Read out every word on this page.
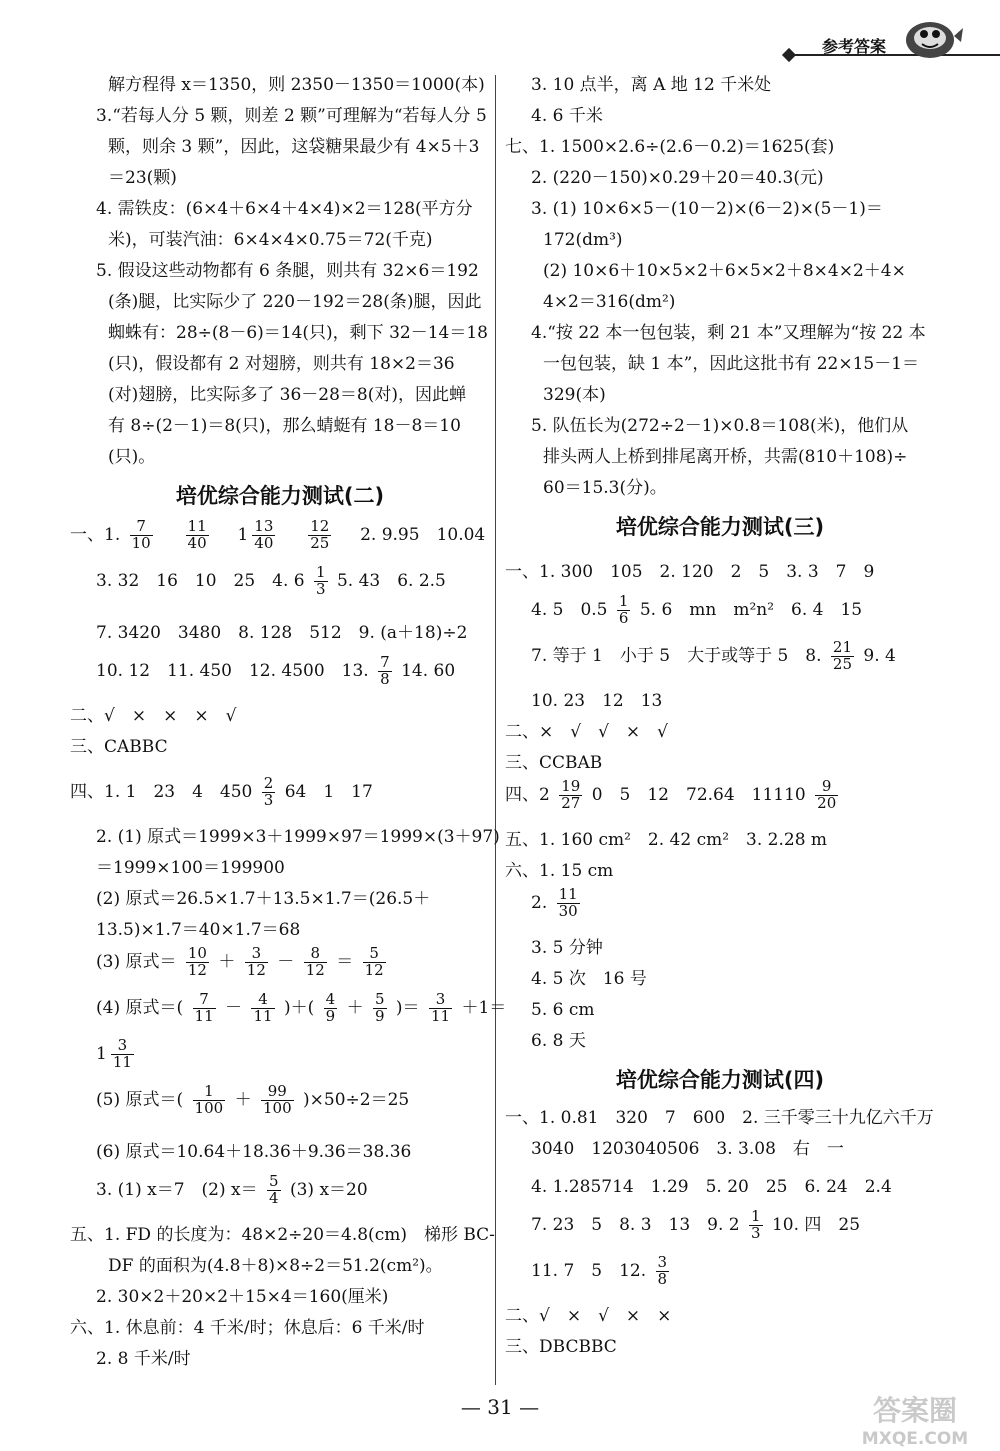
参考答案
解方程得 x＝1350，则 2350－1350＝1000(本)
3.“若每人分 5 颗，则差 2 颗”可理解为“若每人分 5
颗，则余 3 颗”，因此，这袋糖果最少有 4×5＋3
＝23(颗)
4. 需铁皮：(6×4＋6×4＋4×4)×2＝128(平方分
米)，可装汽油：6×4×4×0.75＝72(千克)
5. 假设这些动物都有 6 条腿，则共有 32×6＝192
(条)腿，比实际少了 220－192＝28(条)腿，因此
蜘蛛有：28÷(8－6)＝14(只)，剩下 32－14＝18
(只)，假设都有 2 对翅膀，则共有 18×2＝36
(对)翅膀，比实际多了 36－28＝8(对)，因此蝉
有 8÷(2－1)＝8(只)，那么蜻蜓有 18－8＝10
(只)。
培优综合能力测试(二)
一、1. $\frac{7}{10}$
$\frac{11}{40} 1 \frac{13}{40}$
$\frac{12}{25} 2$. 9.95　10.04
3. 32　16　10　25　4. $6 \frac{1}{3} 5$. 43　6. 2.5
7. 3420　3480　8. 128　512　9. (a＋18)÷2
10. 12　11. 450　12. 4500　13. $\frac{7}{8} 14$. 60
二、√　×　×　×　√
三、CABBC
四、1. 1　23　4　$450 \frac{2}{3} 64$　1　17
2. (1) 原式＝1999×3＋1999×97＝1999×(3＋97)
＝1999×100＝199900
(2) 原式＝26.5×1.7＋13.5×1.7＝(26.5＋
13.5)×1.7＝40×1.7＝68
(3) 原式＝ $\frac{10}{12} + \frac{3}{12} - \frac{8}{12} = \frac{5}{12}$
(4) 原式＝( $\frac{7}{11} - \frac{4}{11}$ )＋( $\frac{4}{9} + \frac{5}{9}$ )＝ $\frac{3}{11} +1=$
$1 \frac{3}{11}$
(5) 原式＝( $\frac{1}{100} + \frac{99}{100} )\times 50\div 2=25$
(6) 原式＝10.64＋18.36＋9.36＝38.36
3. (1) x＝7　(2) $x= \frac{5}{4} (3)$ x＝20
五、1. FD 的长度为：48×2÷20＝4.8(cm)　梯形 BC-
DF 的面积为(4.8＋8)×8÷2＝51.2(cm²)。
2. 30×2＋20×2＋15×4＝160(厘米)
六、1. 休息前：4 千米/时；休息后：6 千米/时
2. 8 千米/时
3. 10 点半，离 A 地 12 千米处
4. 6 千米
七、1. 1500×2.6÷(2.6－0.2)＝1625(套)
2. (220－150)×0.29＋20＝40.3(元)
3. (1) 10×6×5－(10－2)×(6－2)×(5－1)＝
172(dm³)
(2) 10×6＋10×5×2＋6×5×2＋8×4×2＋4×
4×2＝316(dm²)
4.“按 22 本一包包装，剩 21 本”又理解为“按 22 本
一包包装，缺 1 本”，因此这批书有 22×15－1＝
329(本)
5. 队伍长为(272÷2－1)×0.8＝108(米)，他们从
排头两人上桥到排尾离开桥，共需(810＋108)÷
60＝15.3(分)。
培优综合能力测试(三)
一、1. 300　105　2. 120　2　5　3. 3　7　9
4. 5　$0.5 \frac{1}{6} 5$. 6　mn　m²n²　6. 4　15
7. 等于 1　小于 5　大于或等于 5　8. $\frac{21}{25} 9$. 4
10. 23　12　13
二、×　√　√　×　√
三、CCBAB
四、$2 \frac{19}{27} 0$　5　12　72.64　$11110 \frac{9}{20}$
五、1. 160 cm²　2. 42 cm²　3. 2.28 m
六、1. 15 cm
2. $\frac{11}{30}$
3. 5 分钟
4. 5 次　16 号
5. 6 cm
6. 8 天
培优综合能力测试(四)
一、1. 0.81　320　7　600　2. 三千零三十九亿六千万
3040　1203040506　3. 3.08　右　一
4. 1.285714　1.29　5. 20　25　6. 24　2.4
7. 23　5　8. 3　13　9. $2 \frac{1}{3} 10$. 四　25
11. 7　5　12. $\frac{3}{8}$
二、√　×　√　×　×
三、DBCBBC
— 31 —	答案圈
MXQE.COM
